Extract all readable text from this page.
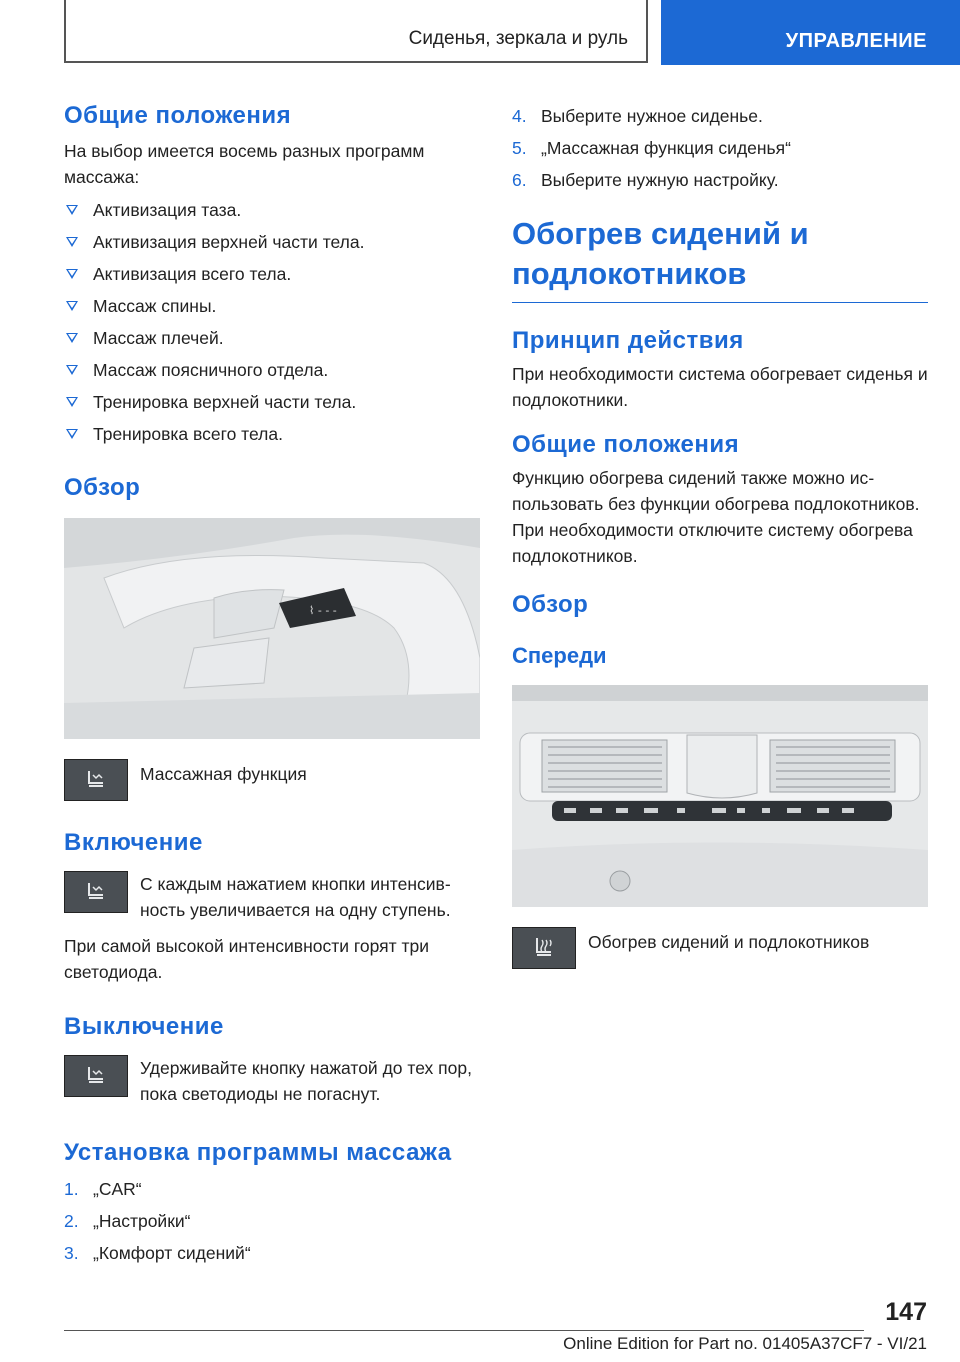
Сиденья, зеркала и руль	УПРАВЛЕНИЕ
Общие положения

На выбор имеется восемь разных программ массажа:

Активизация таза.
Активизация верхней части тела.
Активизация всего тела.
Массаж спины.
Массаж плечей.
Массаж поясничного отдела.
Тренировка верхней части тела.
Тренировка всего тела.
Обзор
⌇ - - -
Массажная функция
Включение
С каждым нажатием кнопки интенсивность увеличивается на одну ступень.

При самой высокой интенсивности горят три светодиода.

Выключение
Удерживайте кнопку нажатой до тех пор, пока светодиоды не погаснут.
Установка программы массажа
1. „CAR“
2. „Настройки“
3. „Комфорт сидений“
4. Выберите нужное сиденье.
5. „Массажная функция сиденья“
6. Выберите нужную настройку.
Обогрев сидений и подлокотников
Принцип действия

При необходимости система обогревает сиденья и подлокотники.

Общие положения

Функцию обогрева сидений также можно использовать без функции обогрева подлокотников. При необходимости отключите систему обогрева подлокотников.

Обзор
Спереди
Обогрев сидений и подлокотников
147
Online Edition for Part no. 01405A37CF7 - VI/21
